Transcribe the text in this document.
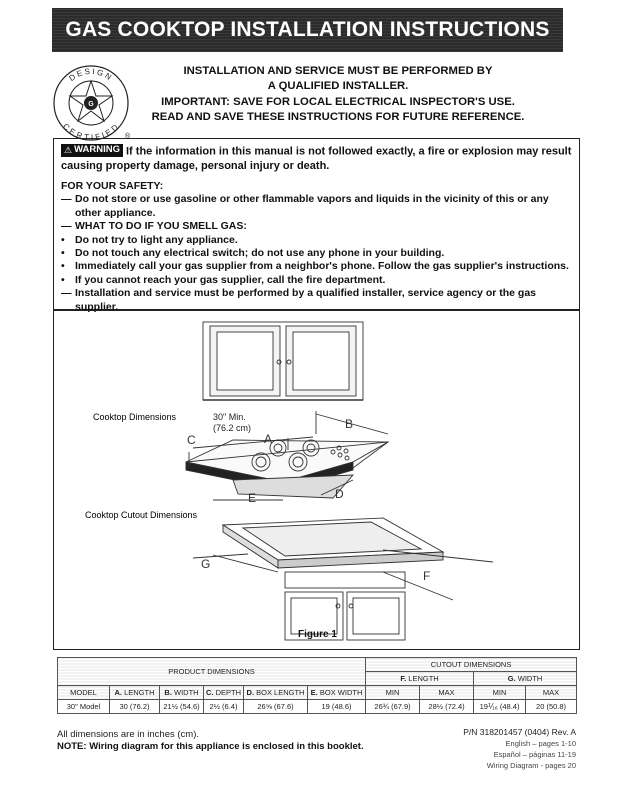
GAS COOKTOP INSTALLATION INSTRUCTIONS
G
DESIGN
CERTIFIED
®
INSTALLATION AND SERVICE MUST BE PERFORMED BY
A QUALIFIED INSTALLER.
IMPORTANT: SAVE FOR LOCAL ELECTRICAL INSPECTOR'S USE.
READ AND SAVE THESE INSTRUCTIONS FOR FUTURE REFERENCE.
⚠ WARNING If the information in this manual is not followed exactly, a fire or explosion may result causing property damage, personal injury or death.
FOR YOUR SAFETY:
— Do not store or use gasoline or other flammable vapors and liquids in the vicinity of this or any other appliance.
— WHAT TO DO IF YOU SMELL GAS:
• Do not try to light any appliance.
• Do not touch any electrical switch; do not use any phone in your building.
• Immediately call your gas supplier from a neighbor's phone. Follow the gas supplier's instructions.
• If you cannot reach your gas supplier, call the fire department.
— Installation and service must be performed by a qualified installer, service agency or the gas supplier.
Cooktop Dimensions
Cooktop Cutout Dimensions
30" Min.
(76.2 cm)
A
B
C
D
E
F
G
Figure 1
PRODUCT DIMENSIONS						CUTOUT DIMENSIONS			
						F. LENGTH		G. WIDTH	
MODEL	A. LENGTH	B. WIDTH	C. DEPTH	D. BOX LENGTH	E. BOX WIDTH	MIN	MAX	MIN	MAX
30" Model	30 (76.2)	21½ (54.6)	2½ (6.4)	26⅝ (67.6)	19 (48.6)	26¾ (67.9)	28½ (72.4)	19⅟₁₆ (48.4)	20 (50.8)
All dimensions are in inches (cm).
NOTE: Wiring diagram for this appliance is enclosed in this booklet.
P/N 318201457 (0404) Rev. A
English – pages 1-10
Español – páginas 11-19
Wiring Diagram - pages 20
